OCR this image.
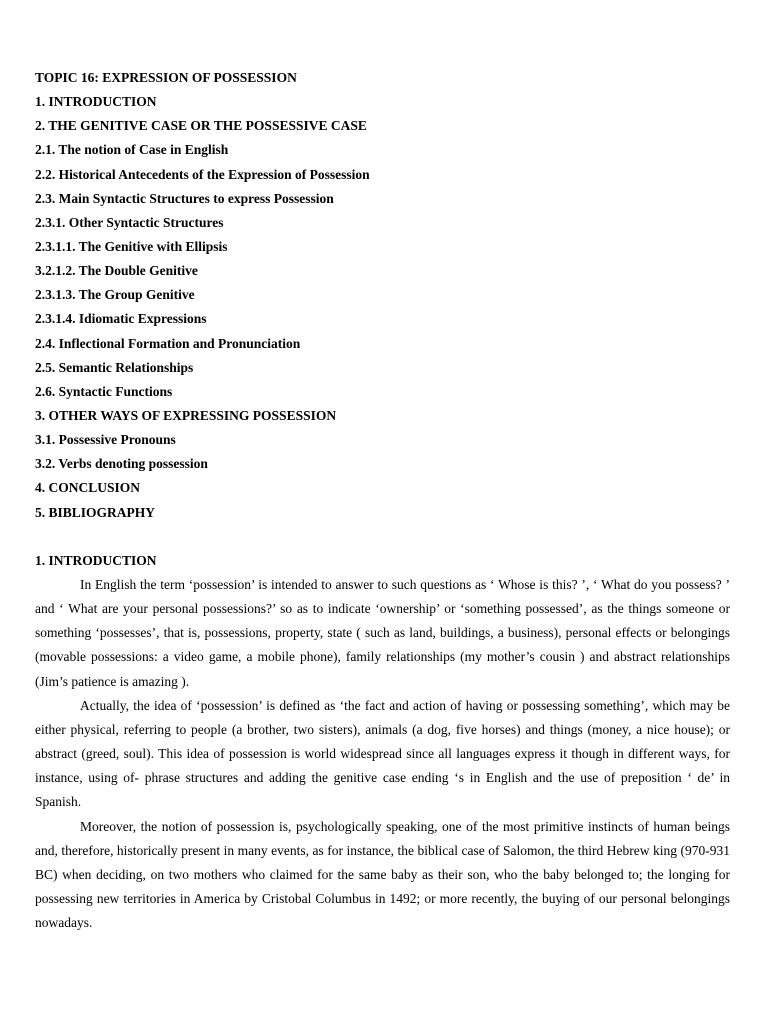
TOPIC 16: EXPRESSION OF POSSESSION
1. INTRODUCTION
2. THE GENITIVE CASE OR THE POSSESSIVE CASE
2.1. The notion of Case in English
2.2. Historical Antecedents of the Expression of Possession
2.3. Main Syntactic Structures to express Possession
2.3.1. Other Syntactic Structures
2.3.1.1. The Genitive with Ellipsis
3.2.1.2. The Double Genitive
2.3.1.3. The Group Genitive
2.3.1.4. Idiomatic Expressions
2.4. Inflectional Formation and Pronunciation
2.5. Semantic Relationships
2.6. Syntactic Functions
3. OTHER WAYS OF EXPRESSING POSSESSION
3.1. Possessive Pronouns
3.2. Verbs denoting possession
4. CONCLUSION
5. BIBLIOGRAPHY
1. INTRODUCTION

In English the term ‘possession’ is intended to answer to such questions as ‘ Whose is this? ’, ‘ What do you possess? ’ and ‘ What are your personal possessions?’ so as to indicate ‘ownership’ or ‘something possessed’, as the things someone or something ‘possesses’, that is, possessions, property, state ( such as land, buildings, a business), personal effects or belongings (movable possessions: a video game, a mobile phone), family relationships (my mother’s cousin ) and abstract relationships (Jim’s patience is amazing ).

Actually, the idea of ‘possession’ is defined as ‘the fact and action of having or possessing something’, which may be either physical, referring to people (a brother, two sisters), animals (a dog, five horses) and things (money, a nice house); or abstract (greed, soul). This idea of possession is world widespread since all languages express it though in different ways, for instance, using of- phrase structures and adding the genitive case ending ‘s in English and the use of preposition ‘ de’ in Spanish.

Moreover, the notion of possession is, psychologically speaking, one of the most primitive instincts of human beings and, therefore, historically present in many events, as for instance, the biblical case of Salomon, the third Hebrew king (970-931 BC) when deciding, on two mothers who claimed for the same baby as their son, who the baby belonged to; the longing for possessing new territories in America by Cristobal Columbus in 1492; or more recently, the buying of our personal belongings nowadays.
